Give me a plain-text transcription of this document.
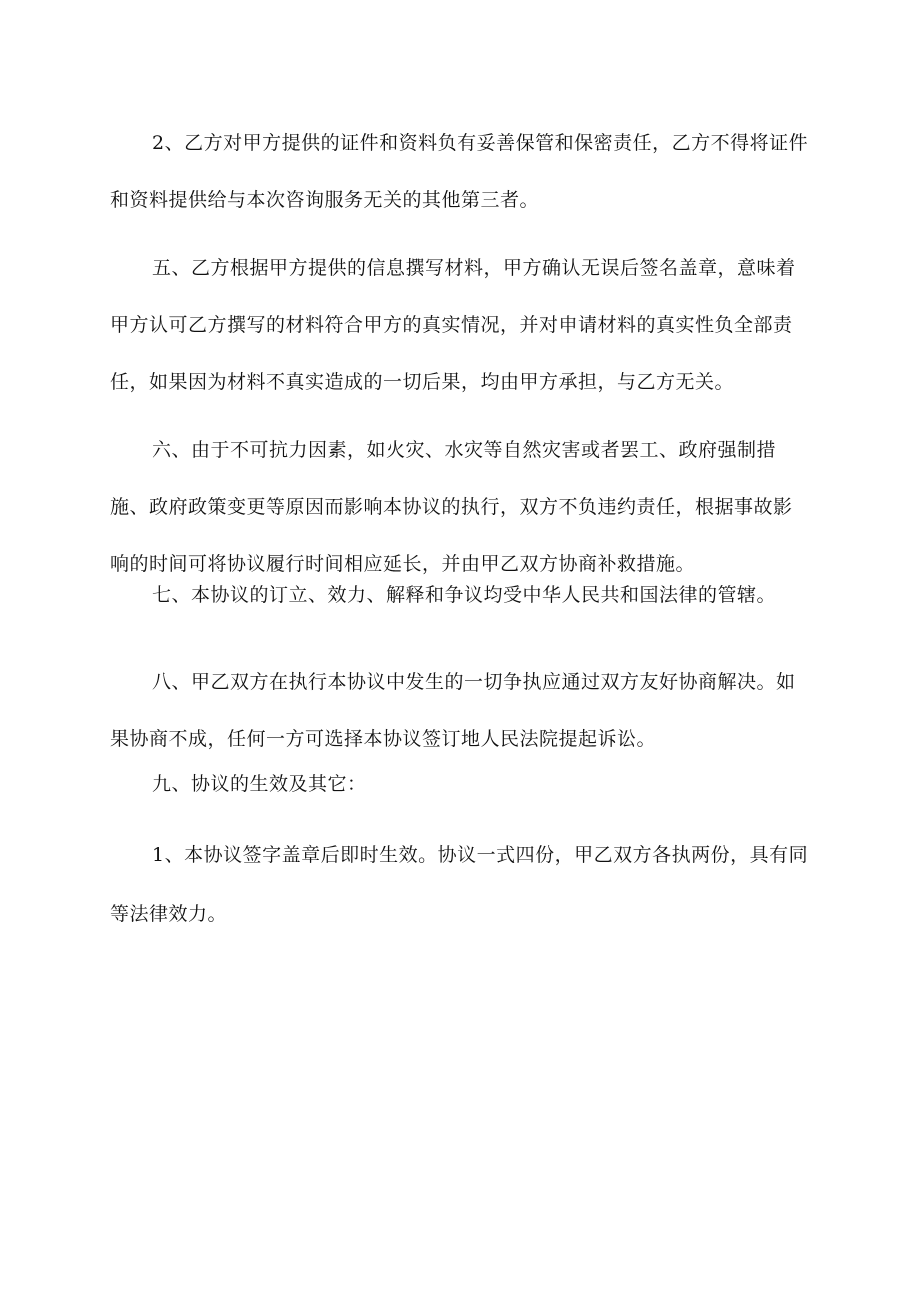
2、乙方对甲方提供的证件和资料负有妥善保管和保密责任，乙方不得将证件和资料提供给与本次咨询服务无关的其他第三者。

五、乙方根据甲方提供的信息撰写材料，甲方确认无误后签名盖章，意味着甲方认可乙方撰写的材料符合甲方的真实情况，并对申请材料的真实性负全部责任，如果因为材料不真实造成的一切后果，均由甲方承担，与乙方无关。

六、由于不可抗力因素，如火灾、水灾等自然灾害或者罢工、政府强制措施、政府政策变更等原因而影响本协议的执行，双方不负违约责任，根据事故影响的时间可将协议履行时间相应延长，并由甲乙双方协商补救措施。

七、本协议的订立、效力、解释和争议均受中华人民共和国法律的管辖。

八、甲乙双方在执行本协议中发生的一切争执应通过双方友好协商解决。如果协商不成，任何一方可选择本协议签订地人民法院提起诉讼。

九、协议的生效及其它：

1、本协议签字盖章后即时生效。协议一式四份，甲乙双方各执两份，具有同等法律效力。
